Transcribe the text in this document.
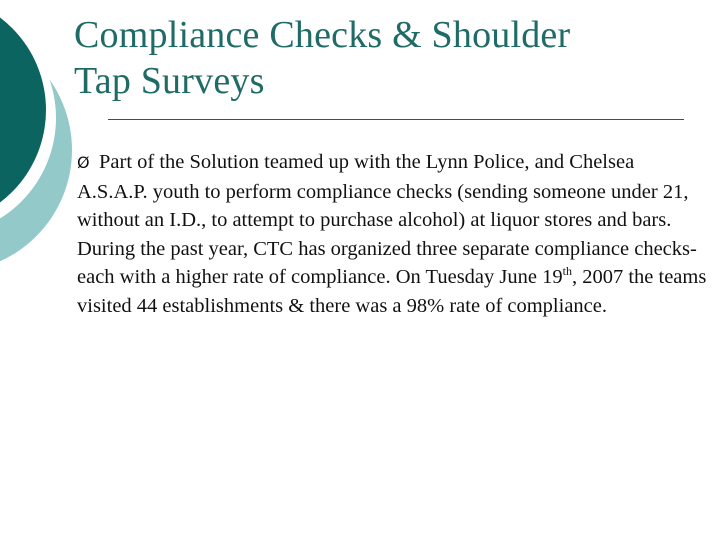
Compliance Checks & Shoulder
Tap Surveys

Ø Part of the Solution teamed up with the Lynn Police, and Chelsea A.S.A.P. youth to perform compliance checks (sending someone under 21, without an I.D., to attempt to purchase alcohol) at liquor stores and bars. During the past year, CTC has organized three separate compliance checks- each with a higher rate of compliance. On Tuesday June 19th, 2007 the teams visited 44 establishments & there was a 98% rate of compliance.
